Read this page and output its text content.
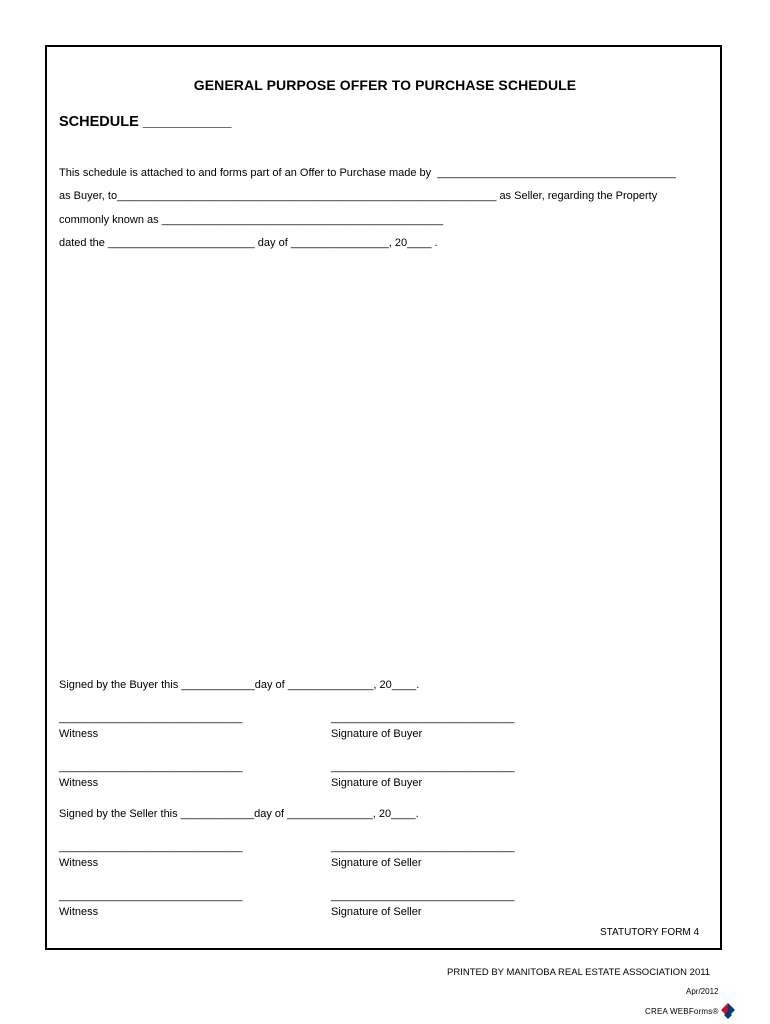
GENERAL PURPOSE OFFER TO PURCHASE SCHEDULE
SCHEDULE ___________
This schedule is attached to and forms part of an Offer to Purchase made by  _______________________________________
as Buyer, to______________________________________________________________ as Seller, regarding the Property
commonly known as ______________________________________________
dated the ________________________ day of ________________, 20____ .
Signed by the Buyer this ____________day of ______________, 20____.
______________________________	______________________________
Witness	Signature of Buyer
______________________________	______________________________
Witness	Signature of Buyer
Signed by the Seller this ____________day of ______________, 20____.
______________________________	______________________________
Witness	Signature of Seller
______________________________	______________________________
Witness	Signature of Seller
STATUTORY FORM 4
PRINTED BY MANITOBA REAL ESTATE ASSOCIATION 2011
Apr/2012
CREA WEBForms®
